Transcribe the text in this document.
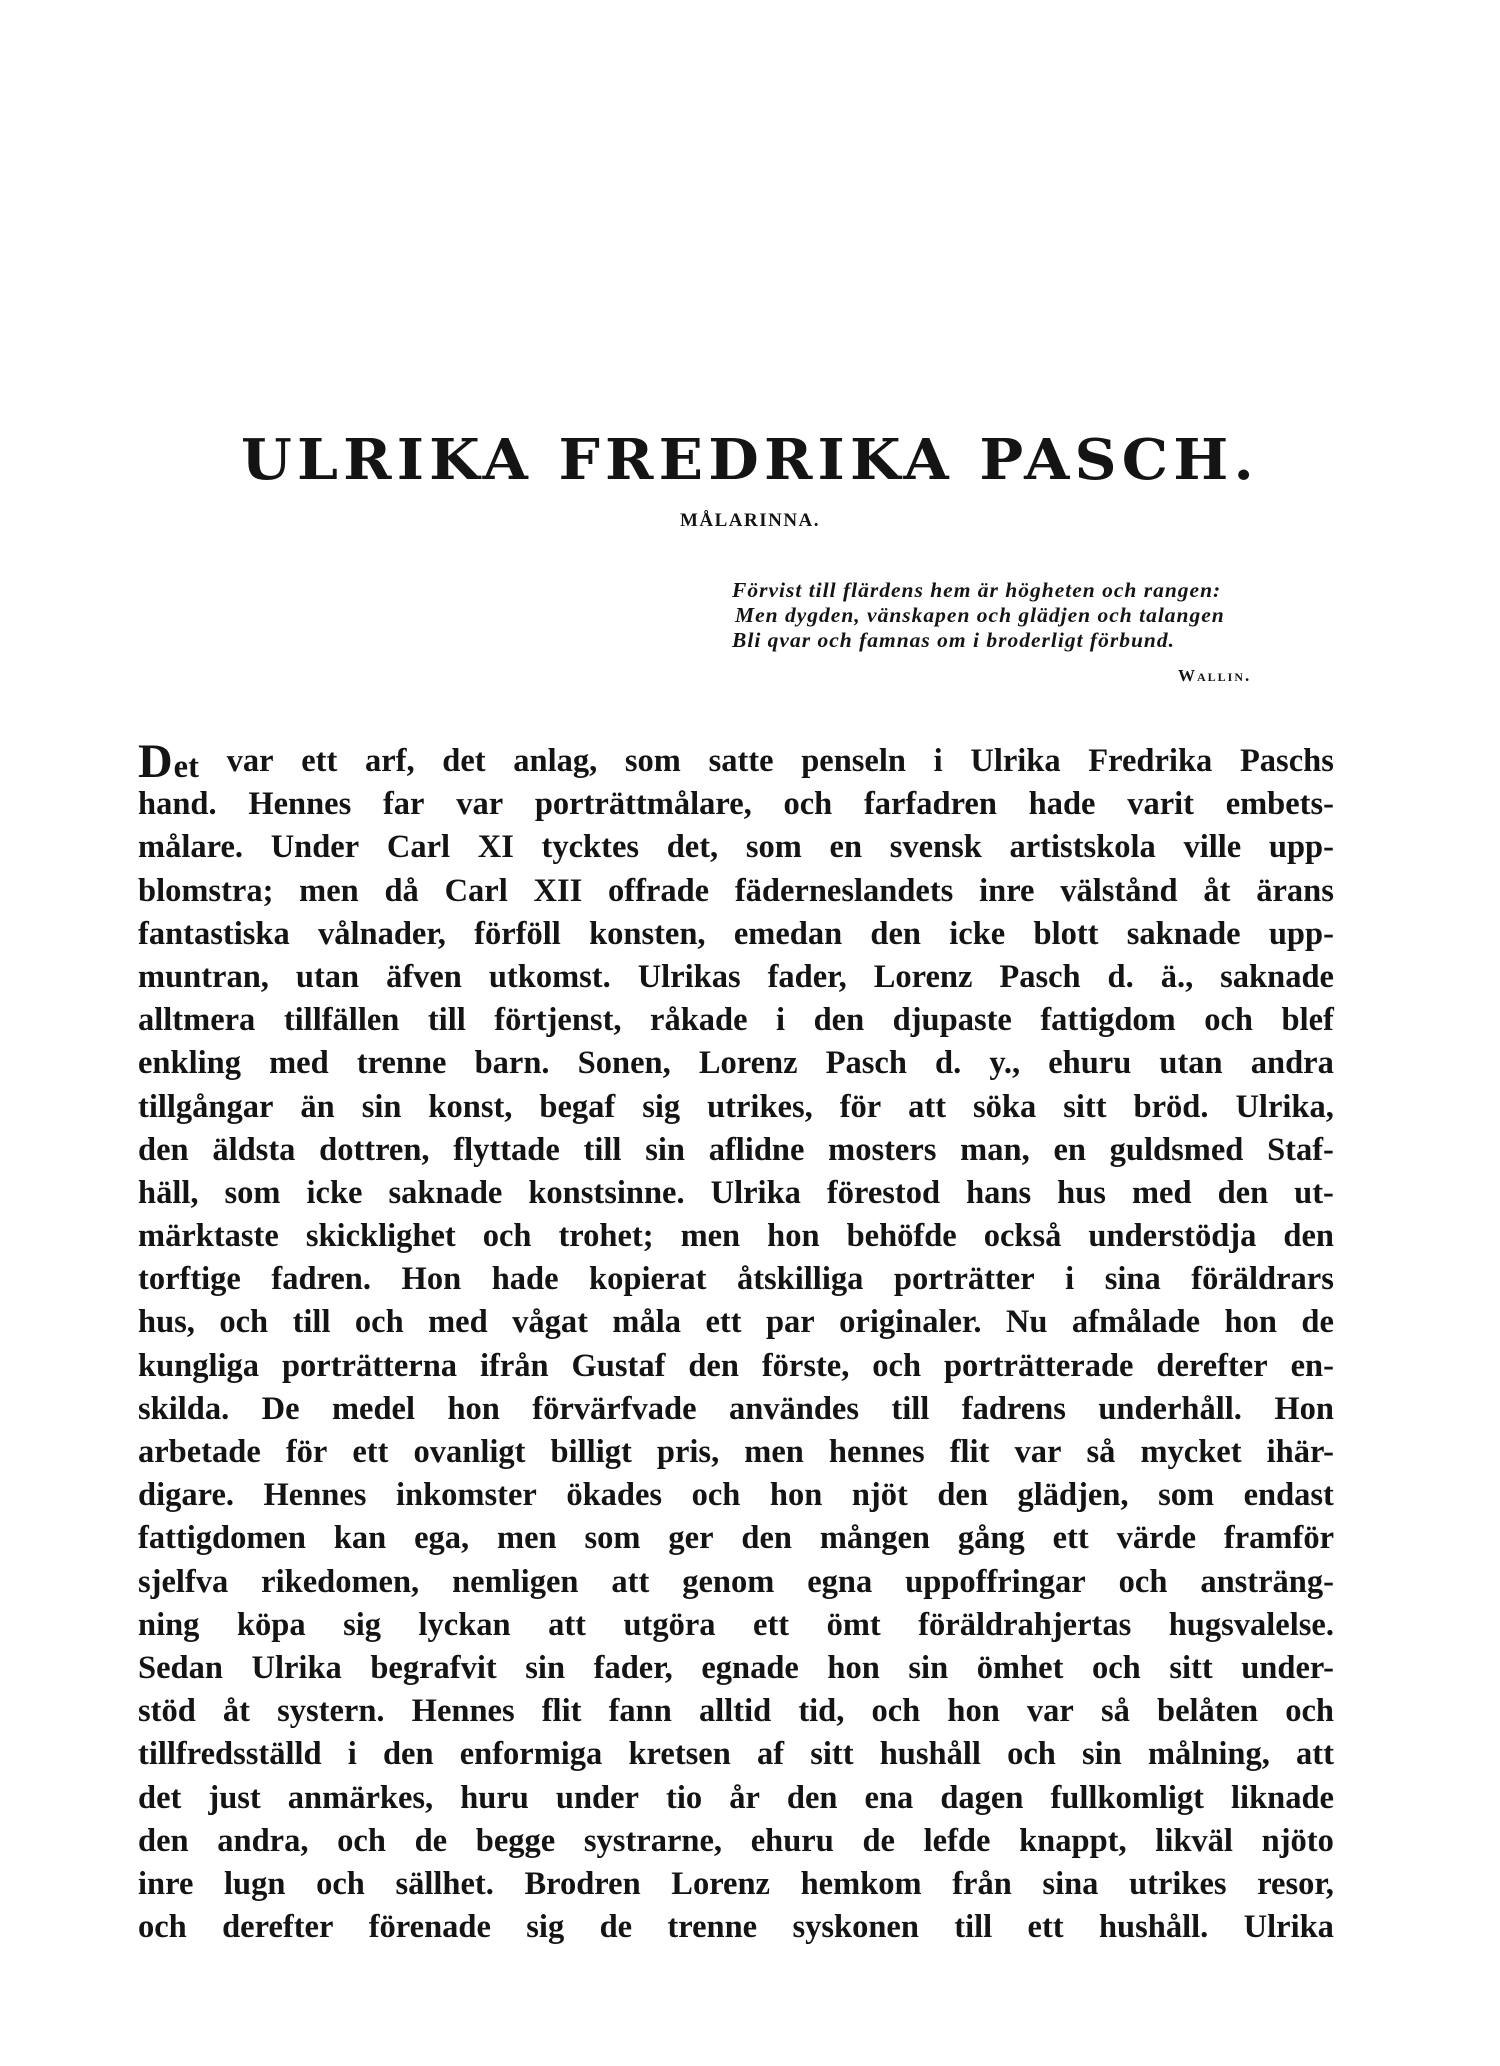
ULRIKA FREDRIKA PASCH.
MÅLARINNA.
Förvist till flärdens hem är högheten och rangen:
Men dygden, vänskapen och glädjen och talangen
Bli qvar och famnas om i broderligt förbund.
Wallin.
Det var ett arf, det anlag, som satte penseln i Ulrika Fredrika Paschs
hand. Hennes far var porträttmålare, och farfadren hade varit embets-
målare. Under Carl XI tycktes det, som en svensk artistskola ville upp-
blomstra; men då Carl XII offrade fäderneslandets inre välstånd åt ärans
fantastiska vålnader, förföll konsten, emedan den icke blott saknade upp-
muntran, utan äfven utkomst. Ulrikas fader, Lorenz Pasch d. ä., saknade
alltmera tillfällen till förtjenst, råkade i den djupaste fattigdom och blef
enkling med trenne barn. Sonen, Lorenz Pasch d. y., ehuru utan andra
tillgångar än sin konst, begaf sig utrikes, för att söka sitt bröd. Ulrika,
den äldsta dottren, flyttade till sin aflidne mosters man, en guldsmed Staf-
häll, som icke saknade konstsinne. Ulrika förestod hans hus med den ut-
märktaste skicklighet och trohet; men hon behöfde också understödja den
torftige fadren. Hon hade kopierat åtskilliga porträtter i sina föräldrars
hus, och till och med vågat måla ett par originaler. Nu afmålade hon de
kungliga porträtterna ifrån Gustaf den förste, och porträtterade derefter en-
skilda. De medel hon förvärfvade användes till fadrens underhåll. Hon
arbetade för ett ovanligt billigt pris, men hennes flit var så mycket ihär-
digare. Hennes inkomster ökades och hon njöt den glädjen, som endast
fattigdomen kan ega, men som ger den mången gång ett värde framför
sjelfva rikedomen, nemligen att genom egna uppoffringar och ansträng-
ning köpa sig lyckan att utgöra ett ömt föräldrahjertas hugsvalelse.
Sedan Ulrika begrafvit sin fader, egnade hon sin ömhet och sitt under-
stöd åt systern. Hennes flit fann alltid tid, och hon var så belåten och
tillfredsställd i den enformiga kretsen af sitt hushåll och sin målning, att
det just anmärkes, huru under tio år den ena dagen fullkomligt liknade
den andra, och de begge systrarne, ehuru de lefde knappt, likväl njöto
inre lugn och sällhet. Brodren Lorenz hemkom från sina utrikes resor,
och derefter förenade sig de trenne syskonen till ett hushåll. Ulrika
